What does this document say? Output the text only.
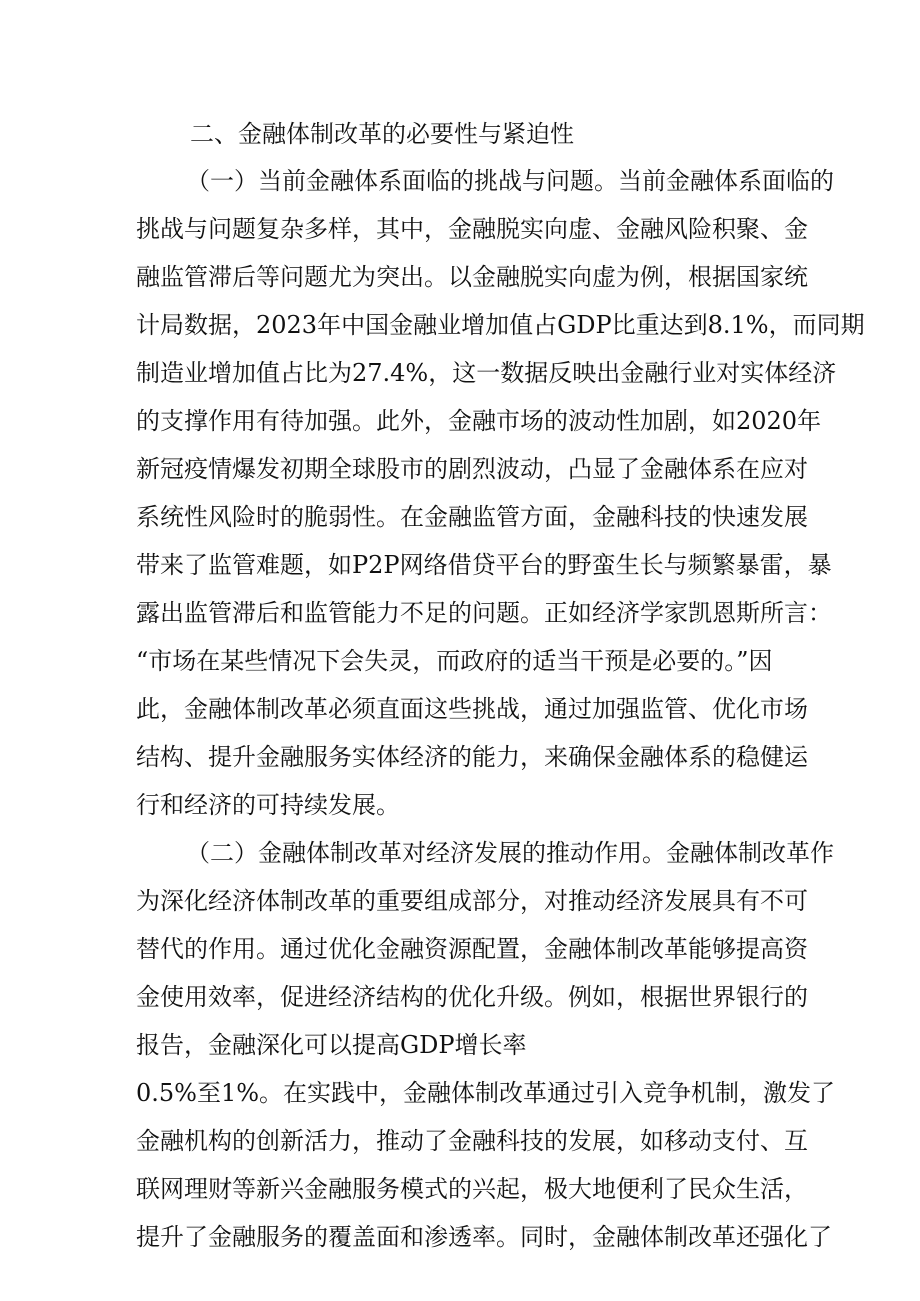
二、金融体制改革的必要性与紧迫性

（一）当前金融体系面临的挑战与问题。当前金融体系面临的

挑战与问题复杂多样，其中，金融脱实向虚、金融风险积聚、金

融监管滞后等问题尤为突出。以金融脱实向虚为例，根据国家统

计局数据，2023年中国金融业增加值占GDP比重达到8.1%，而同期

制造业增加值占比为27.4%，这一数据反映出金融行业对实体经济

的支撑作用有待加强。此外，金融市场的波动性加剧，如2020年

新冠疫情爆发初期全球股市的剧烈波动，凸显了金融体系在应对

系统性风险时的脆弱性。在金融监管方面，金融科技的快速发展

带来了监管难题，如P2P网络借贷平台的野蛮生长与频繁暴雷，暴

露出监管滞后和监管能力不足的问题。正如经济学家凯恩斯所言：

“市场在某些情况下会失灵，而政府的适当干预是必要的。”因

此，金融体制改革必须直面这些挑战，通过加强监管、优化市场

结构、提升金融服务实体经济的能力，来确保金融体系的稳健运

行和经济的可持续发展。

（二）金融体制改革对经济发展的推动作用。金融体制改革作

为深化经济体制改革的重要组成部分，对推动经济发展具有不可

替代的作用。通过优化金融资源配置，金融体制改革能够提高资

金使用效率，促进经济结构的优化升级。例如，根据世界银行的

报告，金融深化可以提高GDP增长率

0.5%至1%。在实践中，金融体制改革通过引入竞争机制，激发了

金融机构的创新活力，推动了金融科技的发展，如移动支付、互

联网理财等新兴金融服务模式的兴起，极大地便利了民众生活，

提升了金融服务的覆盖面和渗透率。同时，金融体制改革还强化了
